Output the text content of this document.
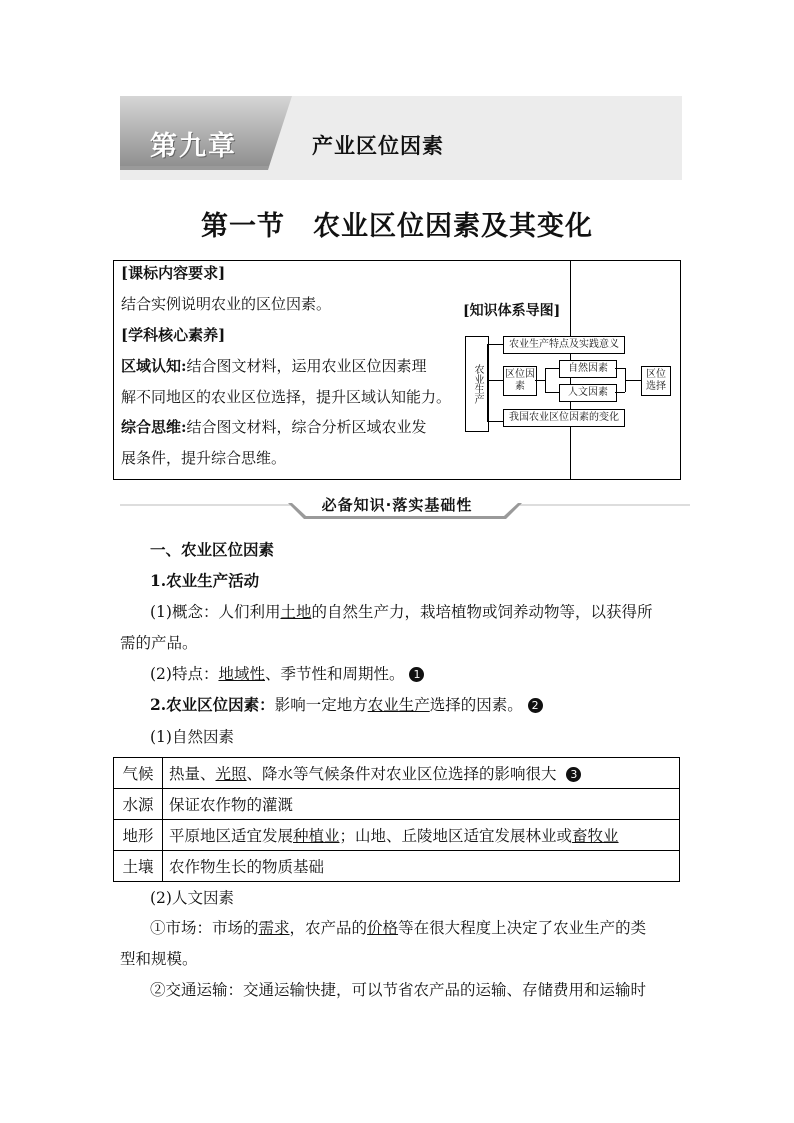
第九章	产业区位因素
第一节　农业区位因素及其变化
[课标内容要求]
结合实例说明农业的区位因素。
[学科核心素养]
区域认知:结合图文材料，运用农业区位因素理
解不同地区的农业区位选择，提升区域认知能力。
综合思维:结合图文材料，综合分析区域农业发
展条件，提升综合思维。
[知识体系导图]
农业生产
农业生产特点及实践意义
区位因素
自然因素
人文因素
区位选择
我国农业区位因素的变化
必备知识·落实基础性
一、农业区位因素
1.农业生产活动
(1)概念：人们利用土地的自然生产力，栽培植物或饲养动物等，以获得所
需的产品。
(2)特点：地域性、季节性和周期性。 1
2.农业区位因素：影响一定地方农业生产选择的因素。 2
(1)自然因素
气候	热量、光照、降水等气候条件对农业区位选择的影响很大 3
水源	保证农作物的灌溉
地形	平原地区适宜发展种植业；山地、丘陵地区适宜发展林业或畜牧业
土壤	农作物生长的物质基础
(2)人文因素
①市场：市场的需求，农产品的价格等在很大程度上决定了农业生产的类
型和规模。
②交通运输：交通运输快捷，可以节省农产品的运输、存储费用和运输时
